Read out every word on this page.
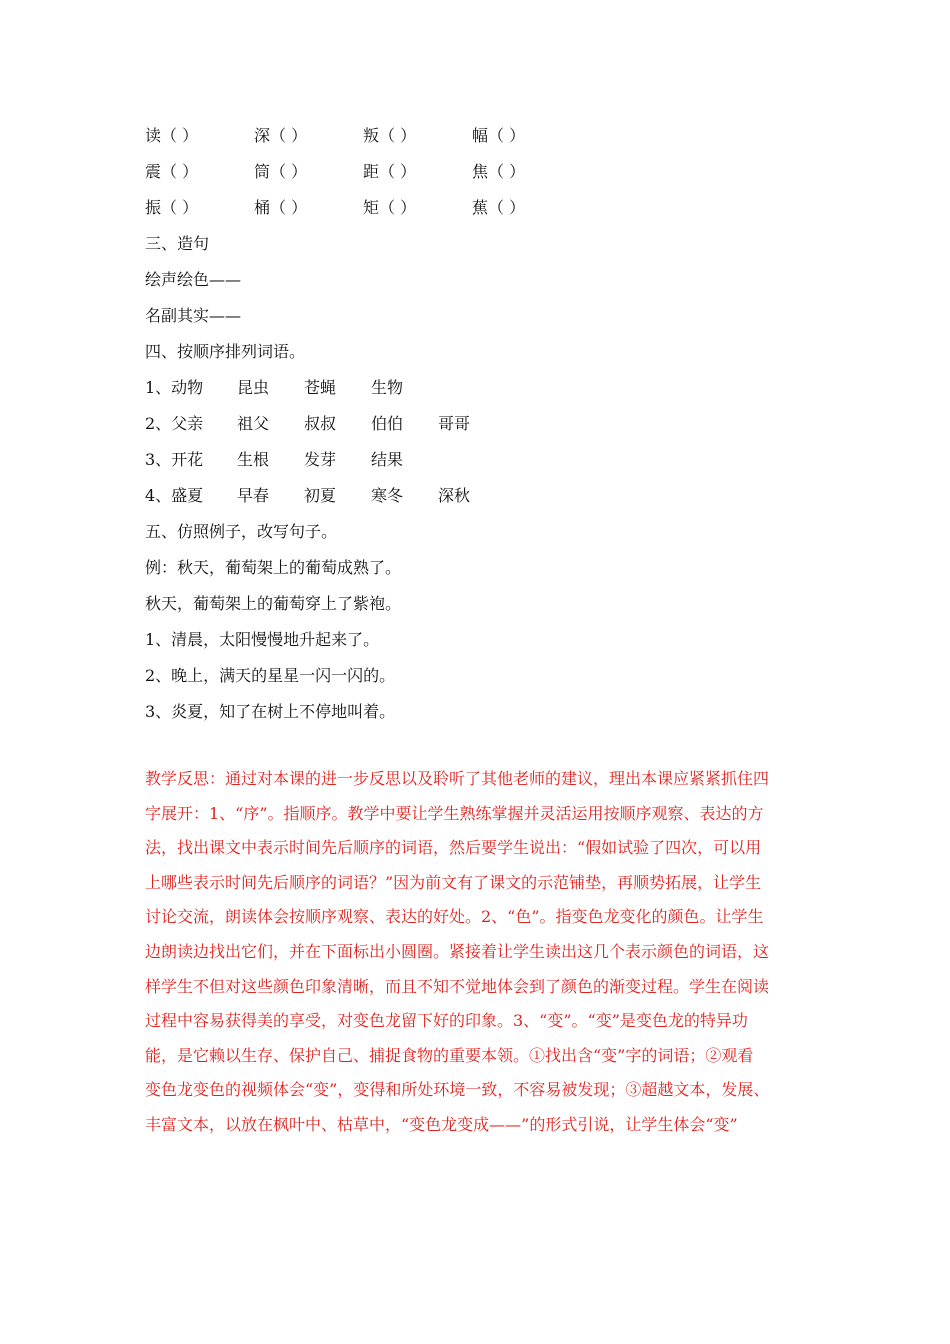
读（ ）	深（ ）	叛（ ）	幅（ ）
震（ ）	筒（ ）	距（ ）	焦（ ）
振（ ）	桶（ ）	矩（ ）	蕉（ ）
三、造句
绘声绘色——
名副其实——
四、按顺序排列词语。
1、动物 昆虫 苍蝇 生物
2、父亲 祖父 叔叔 伯伯 哥哥
3、开花 生根 发芽 结果
4、盛夏 早春 初夏 寒冬 深秋
五、仿照例子，改写句子。
例：秋天，葡萄架上的葡萄成熟了。
秋天，葡萄架上的葡萄穿上了紫袍。
1、清晨，太阳慢慢地升起来了。
2、晚上，满天的星星一闪一闪的。
3、炎夏，知了在树上不停地叫着。
教学反思：通过对本课的进一步反思以及聆听了其他老师的建议，理出本课应紧紧抓住四
字展开：1、“序”。指顺序。教学中要让学生熟练掌握并灵活运用按顺序观察、表达的方
法，找出课文中表示时间先后顺序的词语，然后要学生说出：“假如试验了四次，可以用
上哪些表示时间先后顺序的词语？”因为前文有了课文的示范铺垫，再顺势拓展，让学生
讨论交流，朗读体会按顺序观察、表达的好处。2、“色”。指变色龙变化的颜色。让学生
边朗读边找出它们，并在下面标出小圆圈。紧接着让学生读出这几个表示颜色的词语，这
样学生不但对这些颜色印象清晰，而且不知不觉地体会到了颜色的渐变过程。学生在阅读
过程中容易获得美的享受，对变色龙留下好的印象。3、“变”。“变”是变色龙的特异功
能，是它赖以生存、保护自己、捕捉食物的重要本领。①找出含“变”字的词语；②观看
变色龙变色的视频体会“变”，变得和所处环境一致，不容易被发现；③超越文本，发展、
丰富文本，以放在枫叶中、枯草中，“变色龙变成——”的形式引说，让学生体会“变”
